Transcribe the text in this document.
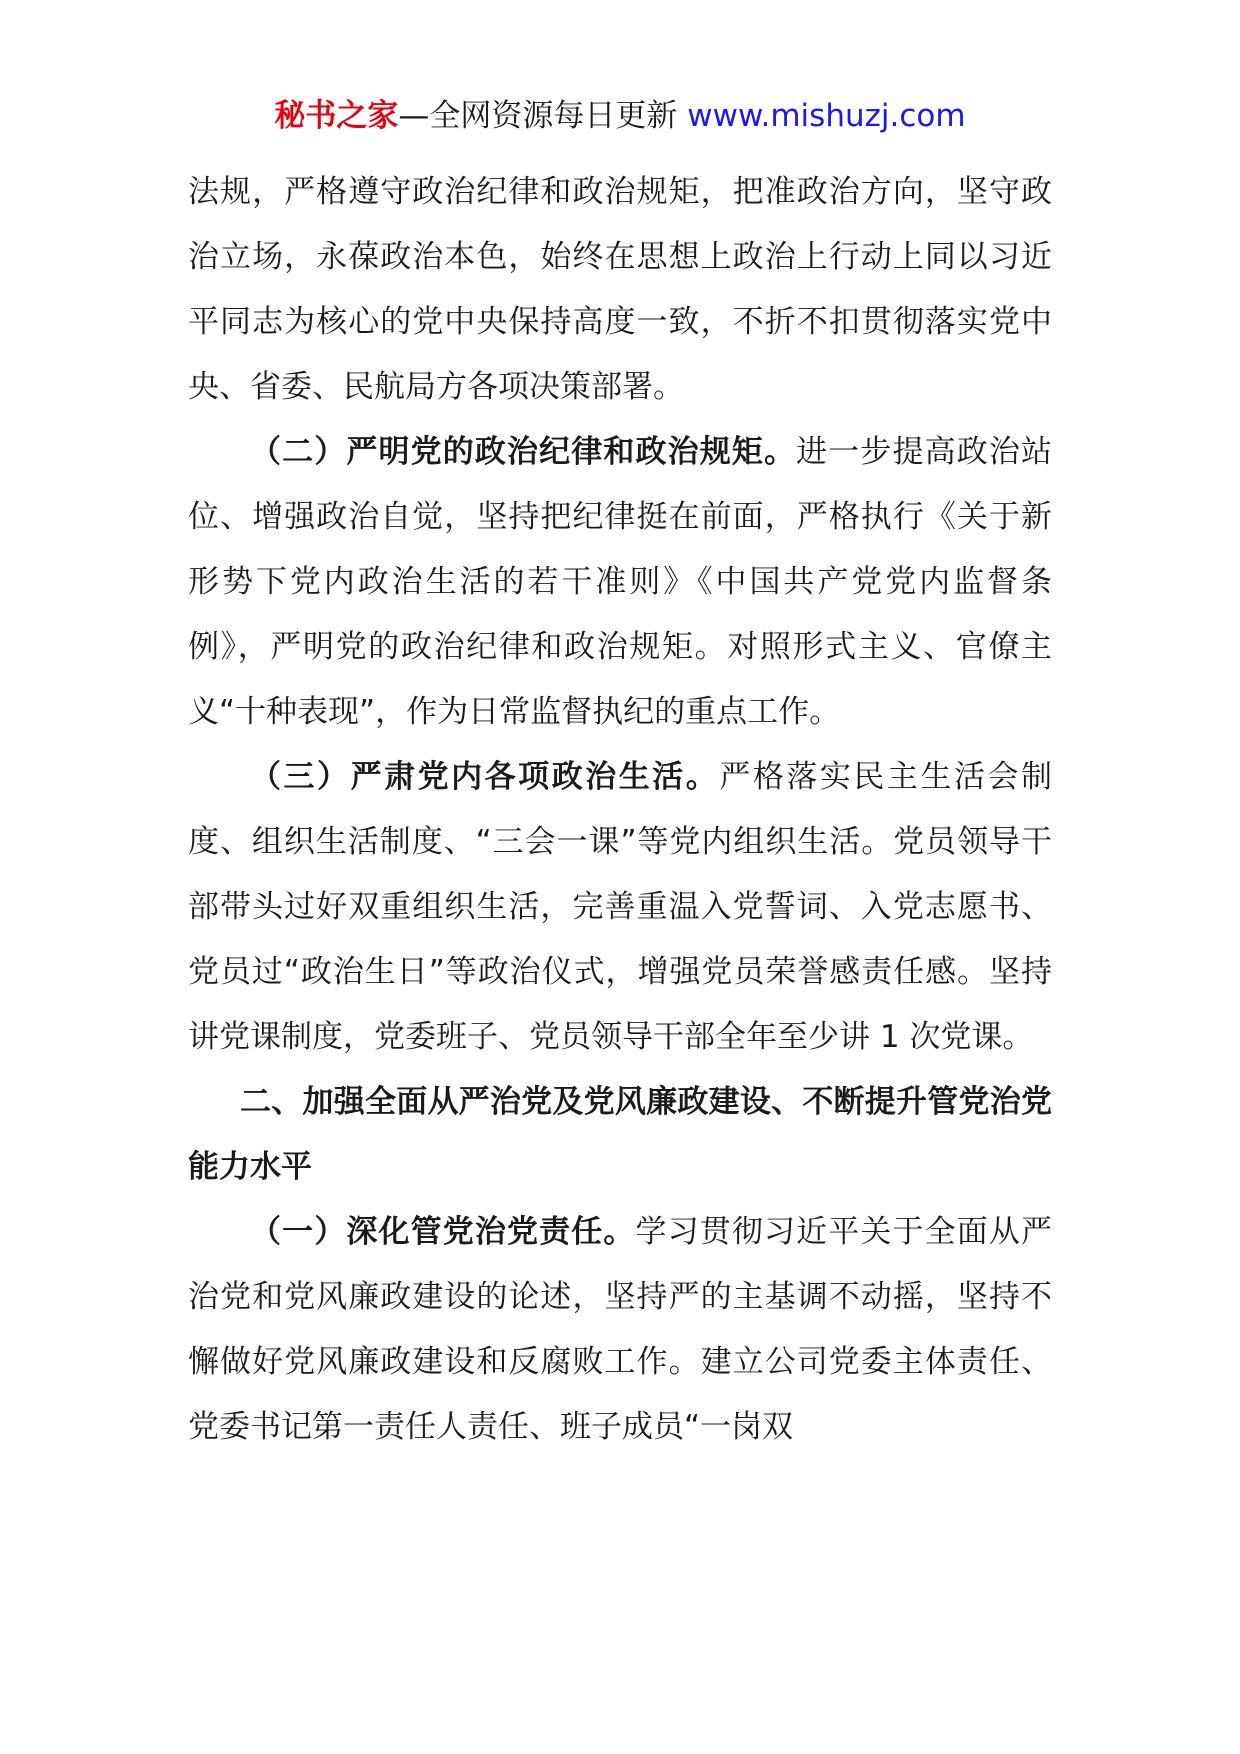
秘书之家—全网资源每日更新 www.mishuzj.com

法规，严格遵守政治纪律和政治规矩，把准政治方向，坚守政治立场，永葆政治本色，始终在思想上政治上行动上同以习近平同志为核心的党中央保持高度一致，不折不扣贯彻落实党中央、省委、民航局方各项决策部署。

（二）严明党的政治纪律和政治规矩。进一步提高政治站位、增强政治自觉，坚持把纪律挺在前面，严格执行《关于新形势下党内政治生活的若干准则》《中国共产党党内监督条例》，严明党的政治纪律和政治规矩。对照形式主义、官僚主义“十种表现”，作为日常监督执纪的重点工作。

（三）严肃党内各项政治生活。严格落实民主生活会制度、组织生活制度、“三会一课”等党内组织生活。党员领导干部带头过好双重组织生活，完善重温入党誓词、入党志愿书、党员过“政治生日”等政治仪式，增强党员荣誉感责任感。坚持讲党课制度，党委班子、党员领导干部全年至少讲 1 次党课。

二、加强全面从严治党及党风廉政建设、不断提升管党治党能力水平

（一）深化管党治党责任。学习贯彻习近平关于全面从严治党和党风廉政建设的论述，坚持严的主基调不动摇，坚持不懈做好党风廉政建设和反腐败工作。建立公司党委主体责任、党委书记第一责任人责任、班子成员“一岗双
